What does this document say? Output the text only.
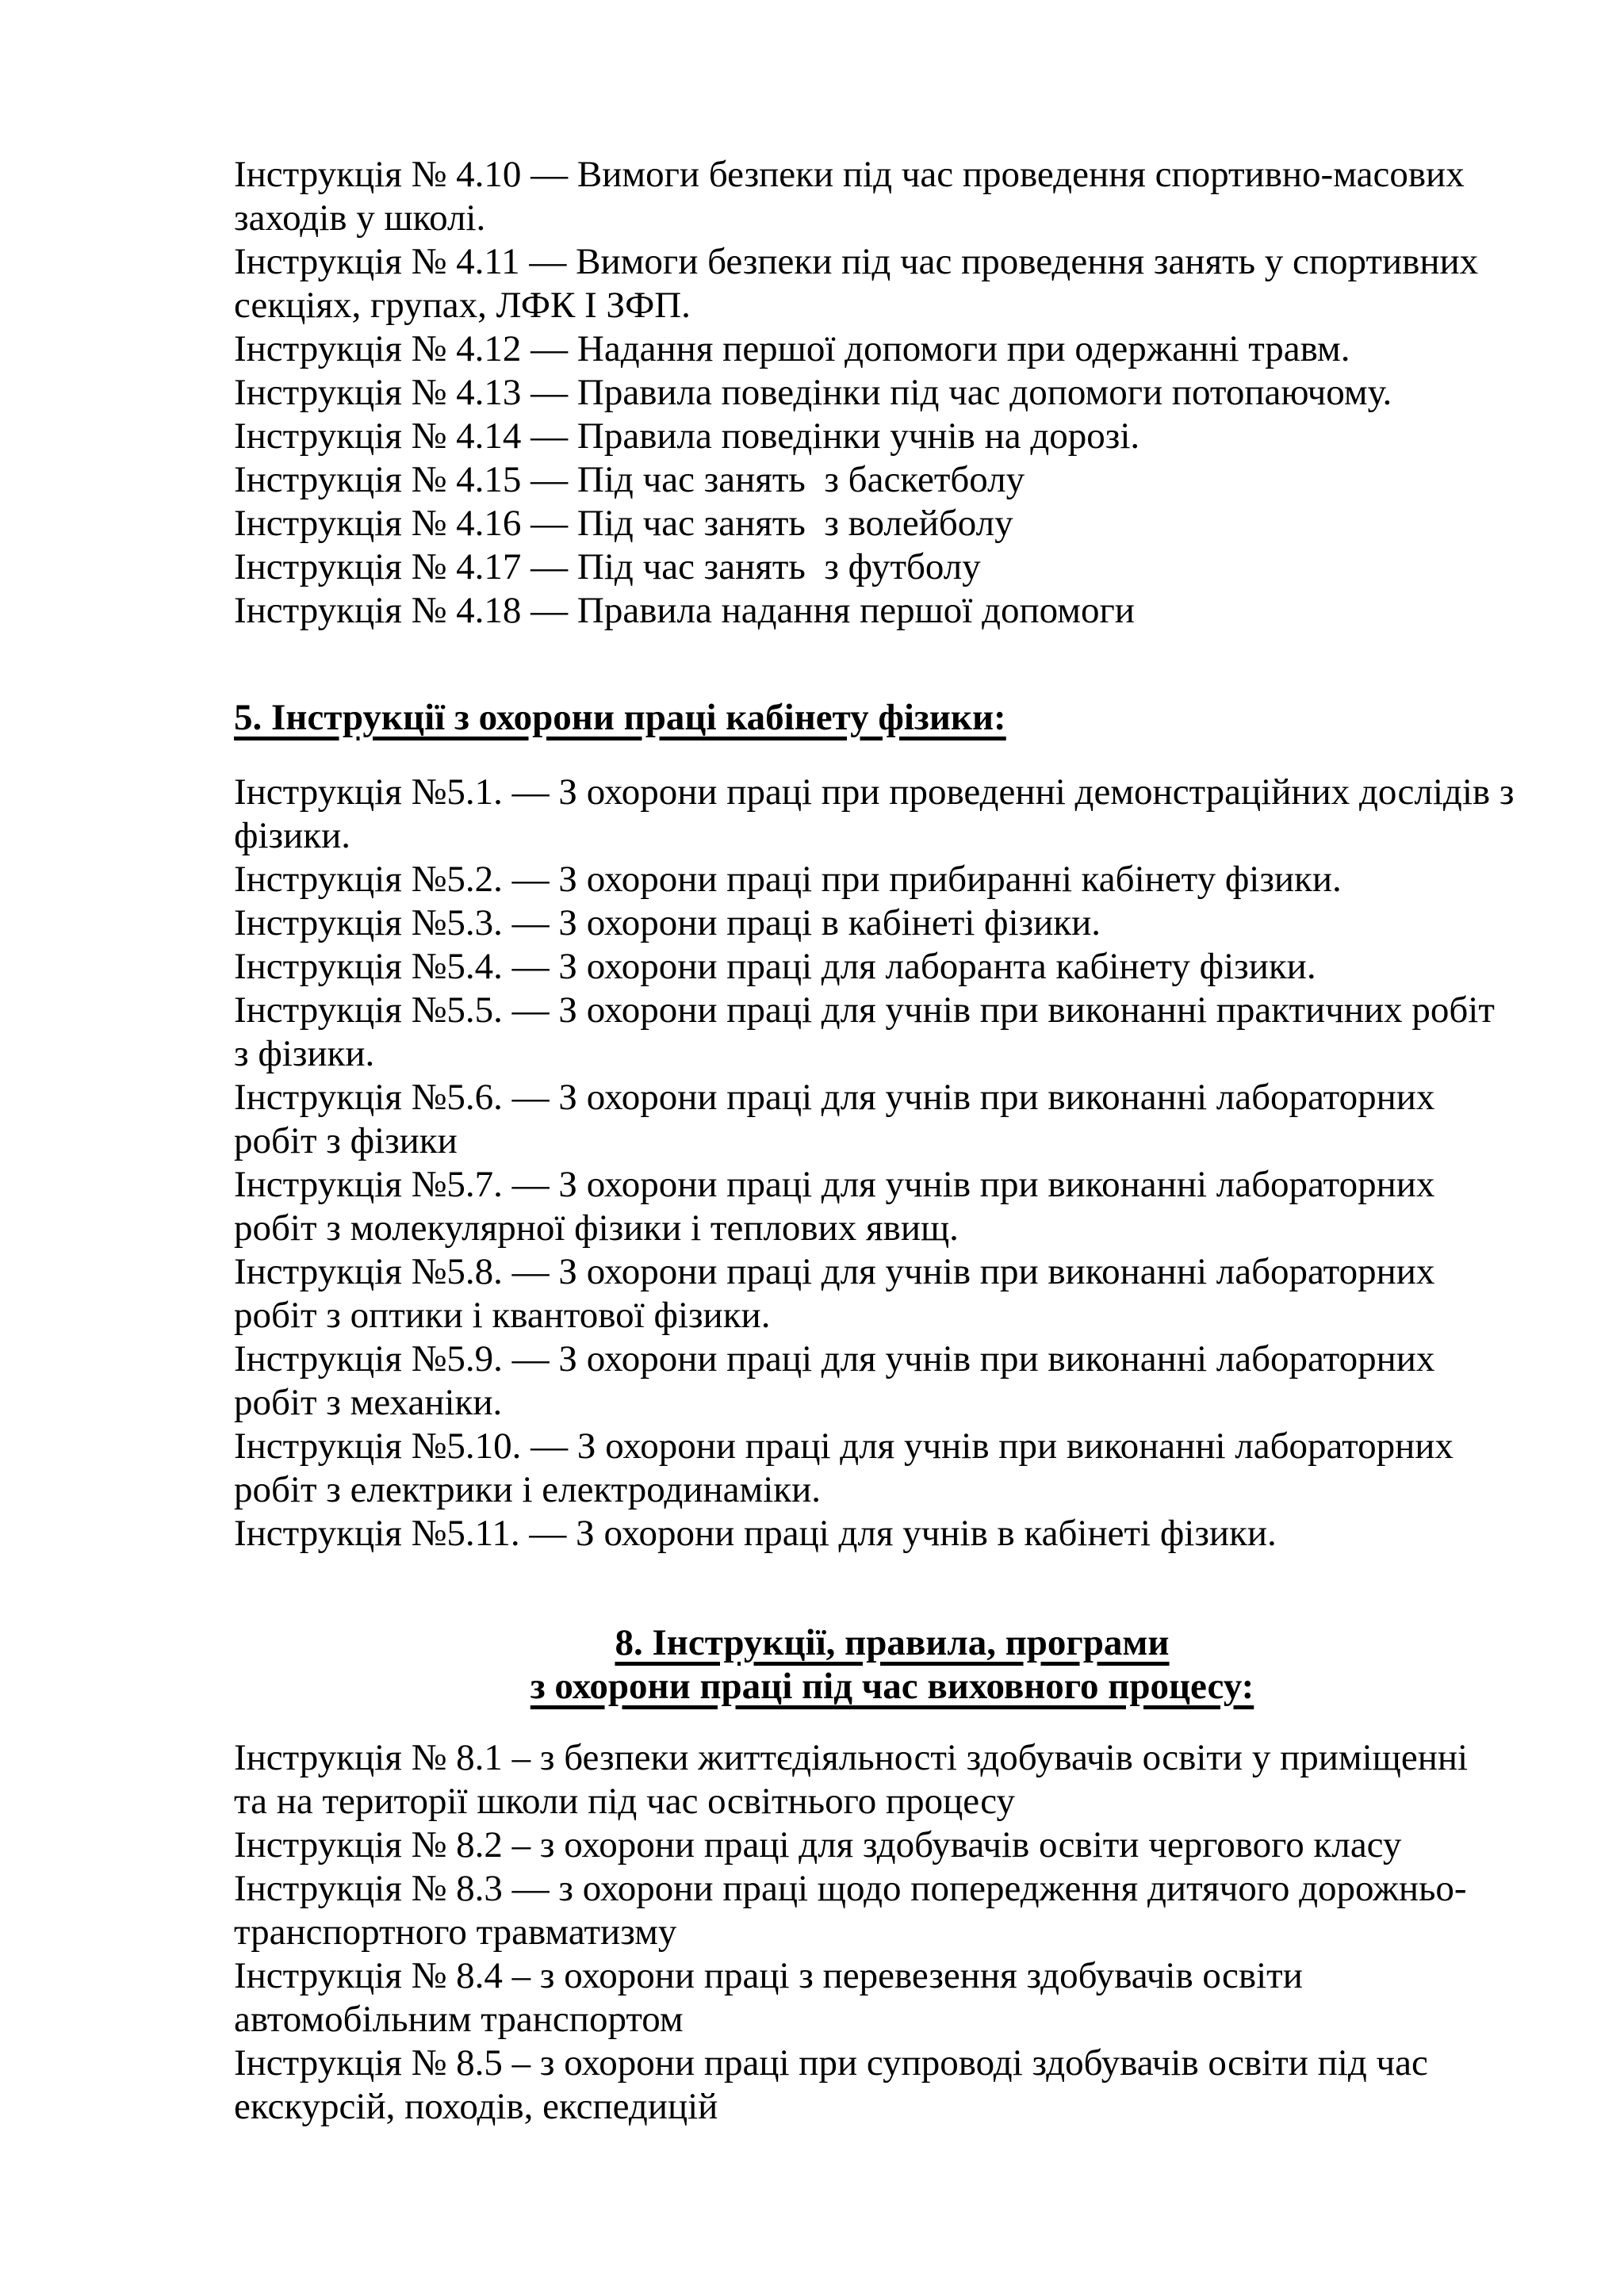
Інструкція № 4.10 — Вимоги безпеки під час проведення спортивно-масових
заходів у школі.
Інструкція № 4.11 — Вимоги безпеки під час проведення занять у спортивних
секціях, групах, ЛФК І ЗФП.
Інструкція № 4.12 — Надання першої допомоги при одержанні травм.
Інструкція № 4.13 — Правила поведінки під час допомоги потопаючому.
Інструкція № 4.14 — Правила поведінки учнів на дорозі.
Інструкція № 4.15 — Під час занять  з баскетболу
Інструкція № 4.16 — Під час занять  з волейболу
Інструкція № 4.17 — Під час занять  з футболу
Інструкція № 4.18 — Правила надання першої допомоги
5. Інструкції з охорони праці кабінету фізики:
Інструкція №5.1. — З охорони праці при проведенні демонстраційних дослідів з
фізики.
Інструкція №5.2. — З охорони праці при прибиранні кабінету фізики.
Інструкція №5.3. — З охорони праці в кабінеті фізики.
Інструкція №5.4. — З охорони праці для лаборанта кабінету фізики.
Інструкція №5.5. — З охорони праці для учнів при виконанні практичних робіт
з фізики.
Інструкція №5.6. — З охорони праці для учнів при виконанні лабораторних
робіт з фізики
Інструкція №5.7. — З охорони праці для учнів при виконанні лабораторних
робіт з молекулярної фізики і теплових явищ.
Інструкція №5.8. — З охорони праці для учнів при виконанні лабораторних
робіт з оптики і квантової фізики.
Інструкція №5.9. — З охорони праці для учнів при виконанні лабораторних
робіт з механіки.
Інструкція №5.10. — З охорони праці для учнів при виконанні лабораторних
робіт з електрики і електродинаміки.
Інструкція №5.11. — З охорони праці для учнів в кабінеті фізики.
8. Інструкції, правила, програми
з охорони праці під час виховного процесу:
Інструкція № 8.1 – з безпеки життєдіяльності здобувачів освіти у приміщенні
та на території школи під час освітнього процесу
Інструкція № 8.2 – з охорони праці для здобувачів освіти чергового класу
Інструкція № 8.3 — з охорони праці щодо попередження дитячого дорожньо-
транспортного травматизму
Інструкція № 8.4 – з охорони праці з перевезення здобувачів освіти
автомобільним транспортом
Інструкція № 8.5 – з охорони праці при супроводі здобувачів освіти під час
екскурсій, походів, експедицій
